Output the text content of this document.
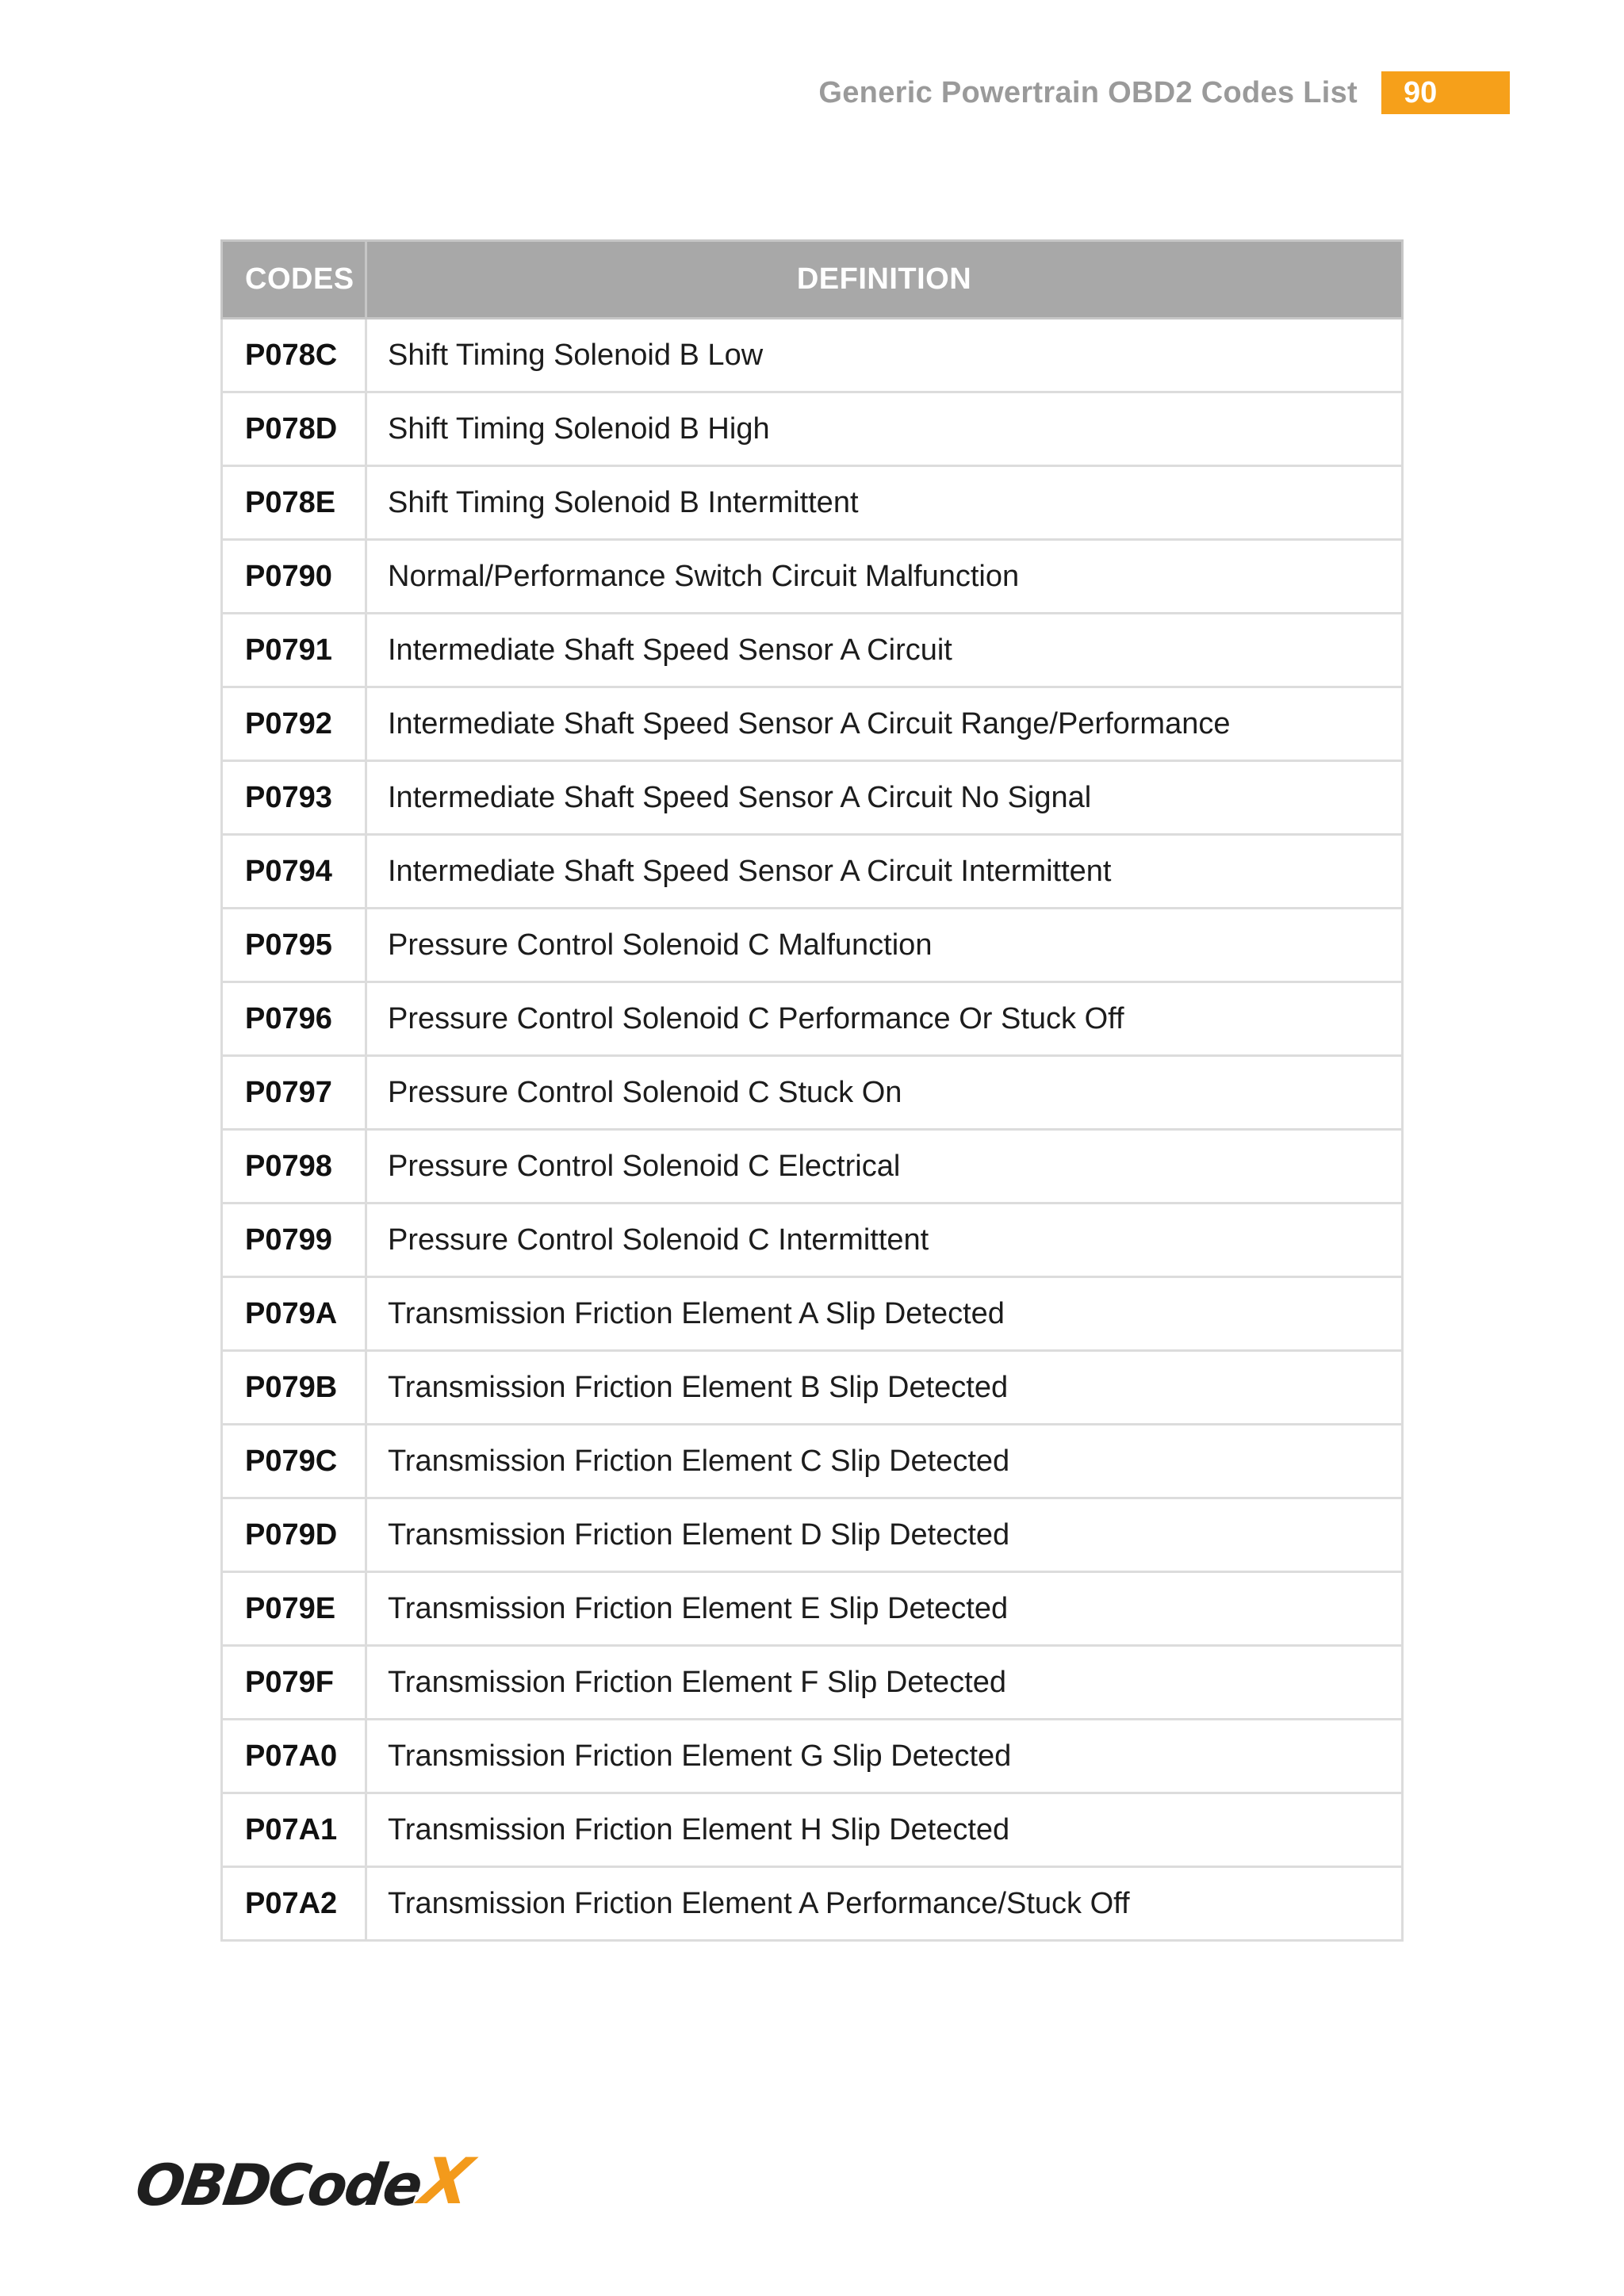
Generic Powertrain OBD2 Codes List	90
CODES	DEFINITION
P078C	Shift Timing Solenoid B Low
P078D	Shift Timing Solenoid B High
P078E	Shift Timing Solenoid B Intermittent
P0790	Normal/Performance Switch Circuit Malfunction
P0791	Intermediate Shaft Speed Sensor A Circuit
P0792	Intermediate Shaft Speed Sensor A Circuit Range/Performance
P0793	Intermediate Shaft Speed Sensor A Circuit No Signal
P0794	Intermediate Shaft Speed Sensor A Circuit Intermittent
P0795	Pressure Control Solenoid C Malfunction
P0796	Pressure Control Solenoid C Performance Or Stuck Off
P0797	Pressure Control Solenoid C Stuck On
P0798	Pressure Control Solenoid C Electrical
P0799	Pressure Control Solenoid C Intermittent
P079A	Transmission Friction Element A Slip Detected
P079B	Transmission Friction Element B Slip Detected
P079C	Transmission Friction Element C Slip Detected
P079D	Transmission Friction Element D Slip Detected
P079E	Transmission Friction Element E Slip Detected
P079F	Transmission Friction Element F Slip Detected
P07A0	Transmission Friction Element G Slip Detected
P07A1	Transmission Friction Element H Slip Detected
P07A2	Transmission Friction Element A Performance/Stuck Off
OBDCode
X
